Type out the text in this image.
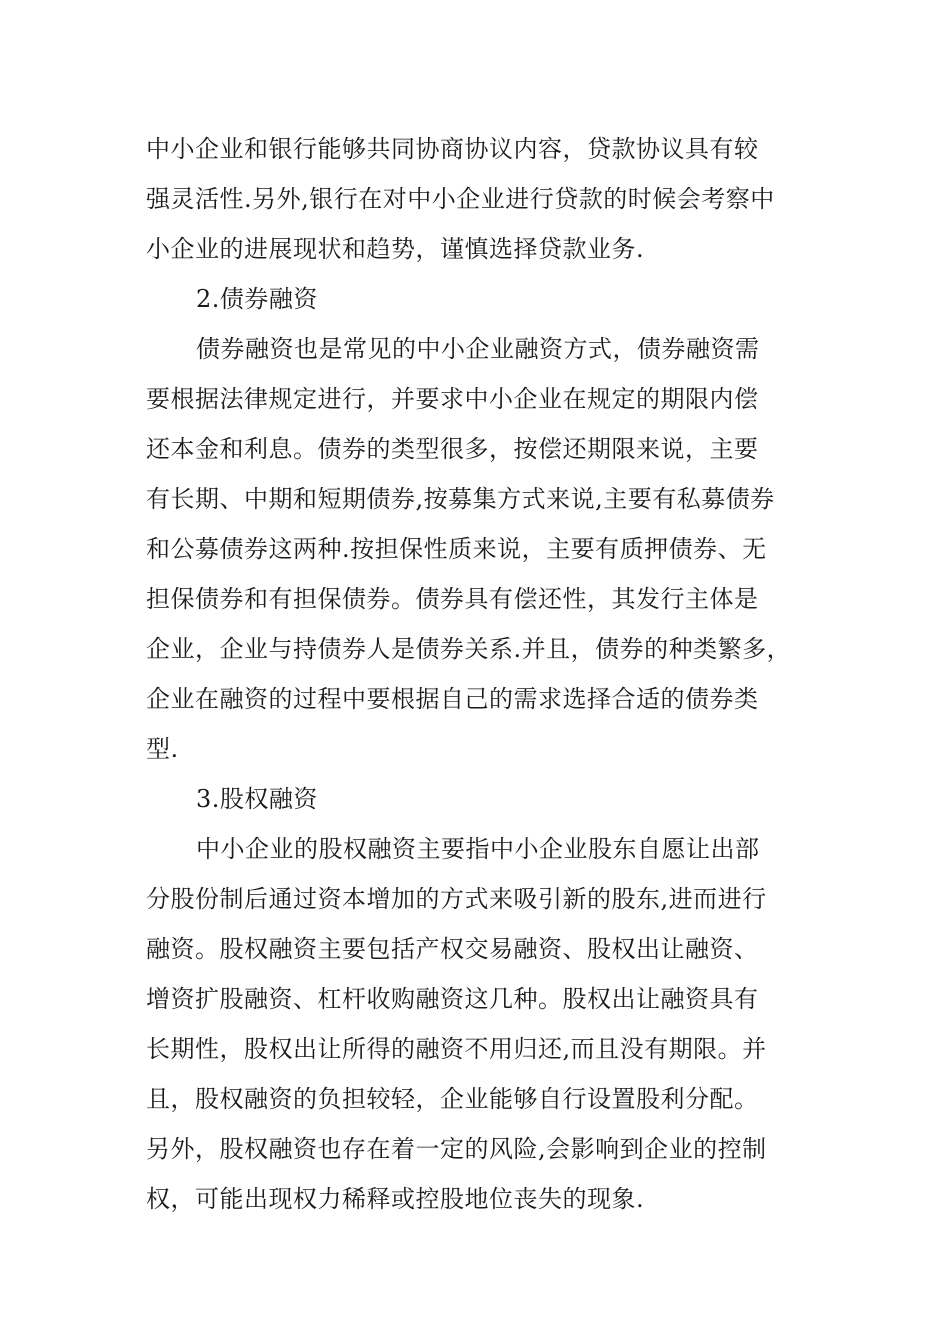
中小企业和银行能够共同协商协议内容，贷款协议具有较
强灵活性.另外,银行在对中小企业进行贷款的时候会考察中
小企业的进展现状和趋势，谨慎选择贷款业务.
2.债券融资
债券融资也是常见的中小企业融资方式，债券融资需
要根据法律规定进行，并要求中小企业在规定的期限内偿
还本金和利息。债券的类型很多，按偿还期限来说，主要
有长期、中期和短期债券,按募集方式来说,主要有私募债券
和公募债券这两种.按担保性质来说，主要有质押债券、无
担保债券和有担保债券。债券具有偿还性，其发行主体是
企业，企业与持债券人是债券关系.并且，债券的种类繁多，
企业在融资的过程中要根据自己的需求选择合适的债券类
型.
3.股权融资
中小企业的股权融资主要指中小企业股东自愿让出部
分股份制后通过资本增加的方式来吸引新的股东,进而进行
融资。股权融资主要包括产权交易融资、股权出让融资、
增资扩股融资、杠杆收购融资这几种。股权出让融资具有
长期性，股权出让所得的融资不用归还,而且没有期限。并
且，股权融资的负担较轻，企业能够自行设置股利分配。
另外，股权融资也存在着一定的风险,会影响到企业的控制
权，可能出现权力稀释或控股地位丧失的现象.
